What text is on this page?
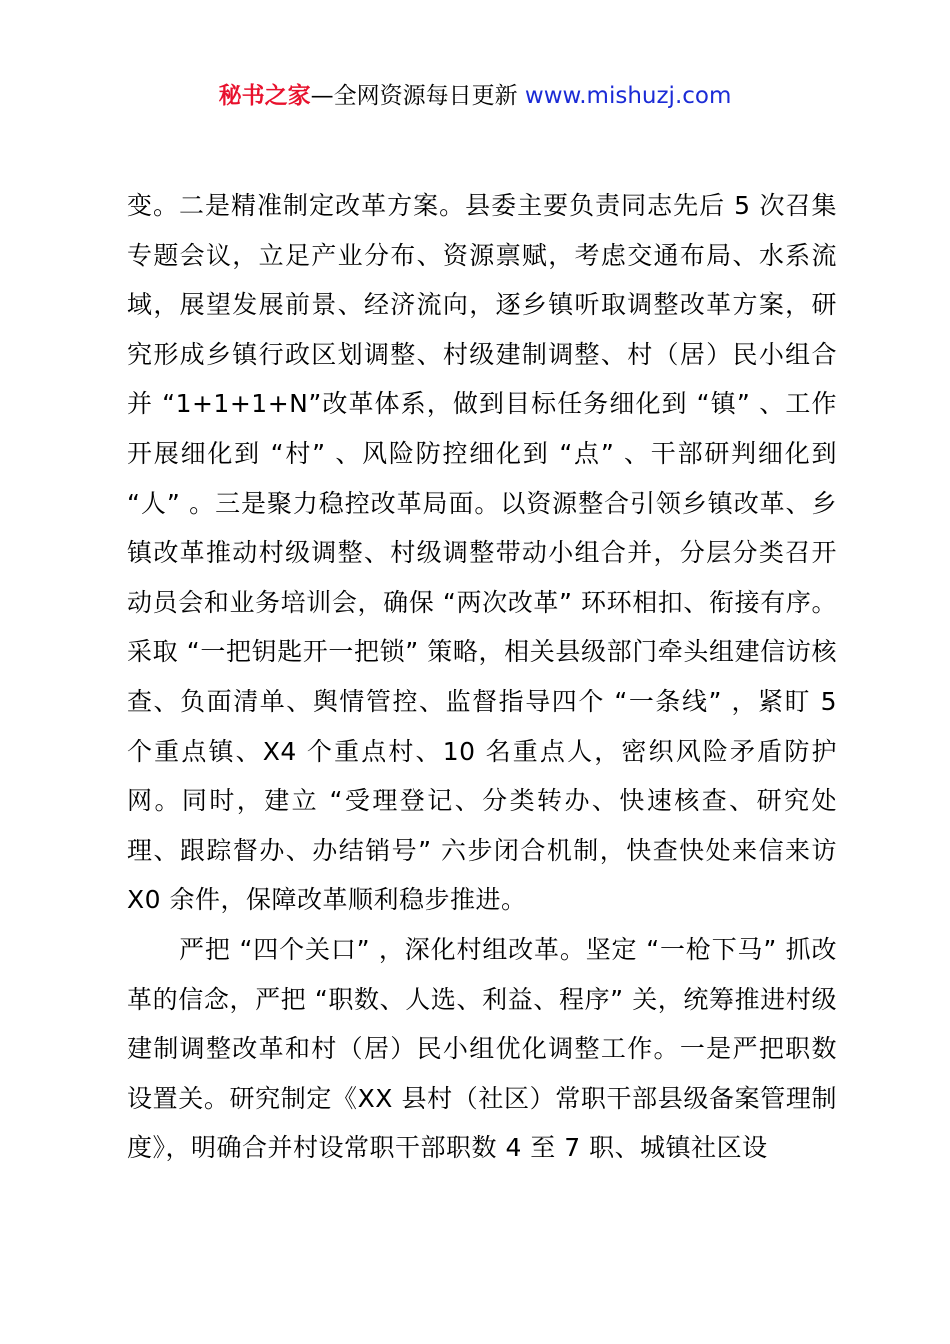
秘书之家—全网资源每日更新 www.mishuzj.com

变。二是精准制定改革方案。县委主要负责同志先后 5 次召集专题会议，立足产业分布、资源禀赋，考虑交通布局、水系流域，展望发展前景、经济流向，逐乡镇听取调整改革方案，研究形成乡镇行政区划调整、村级建制调整、村（居）民小组合并 “1+1+1+N”改革体系，做到目标任务细化到 “镇” 、工作开展细化到 “村” 、风险防控细化到 “点” 、干部研判细化到 “人” 。三是聚力稳控改革局面。以资源整合引领乡镇改革、乡镇改革推动村级调整、村级调整带动小组合并，分层分类召开动员会和业务培训会，确保 “两次改革” 环环相扣、衔接有序。采取 “一把钥匙开一把锁” 策略，相关县级部门牵头组建信访核查、负面清单、舆情管控、监督指导四个 “一条线” ，紧盯 5 个重点镇、X4 个重点村、10 名重点人，密织风险矛盾防护网。同时，建立 “受理登记、分类转办、快速核查、研究处理、跟踪督办、办结销号” 六步闭合机制，快查快处来信来访 X0 余件，保障改革顺利稳步推进。

严把 “四个关口” ，深化村组改革。坚定 “一枪下马” 抓改革的信念，严把 “职数、人选、利益、程序” 关，统筹推进村级建制调整改革和村（居）民小组优化调整工作。一是严把职数设置关。研究制定《XX 县村（社区）常职干部县级备案管理制度》，明确合并村设常职干部职数 4 至 7 职、城镇社区设
